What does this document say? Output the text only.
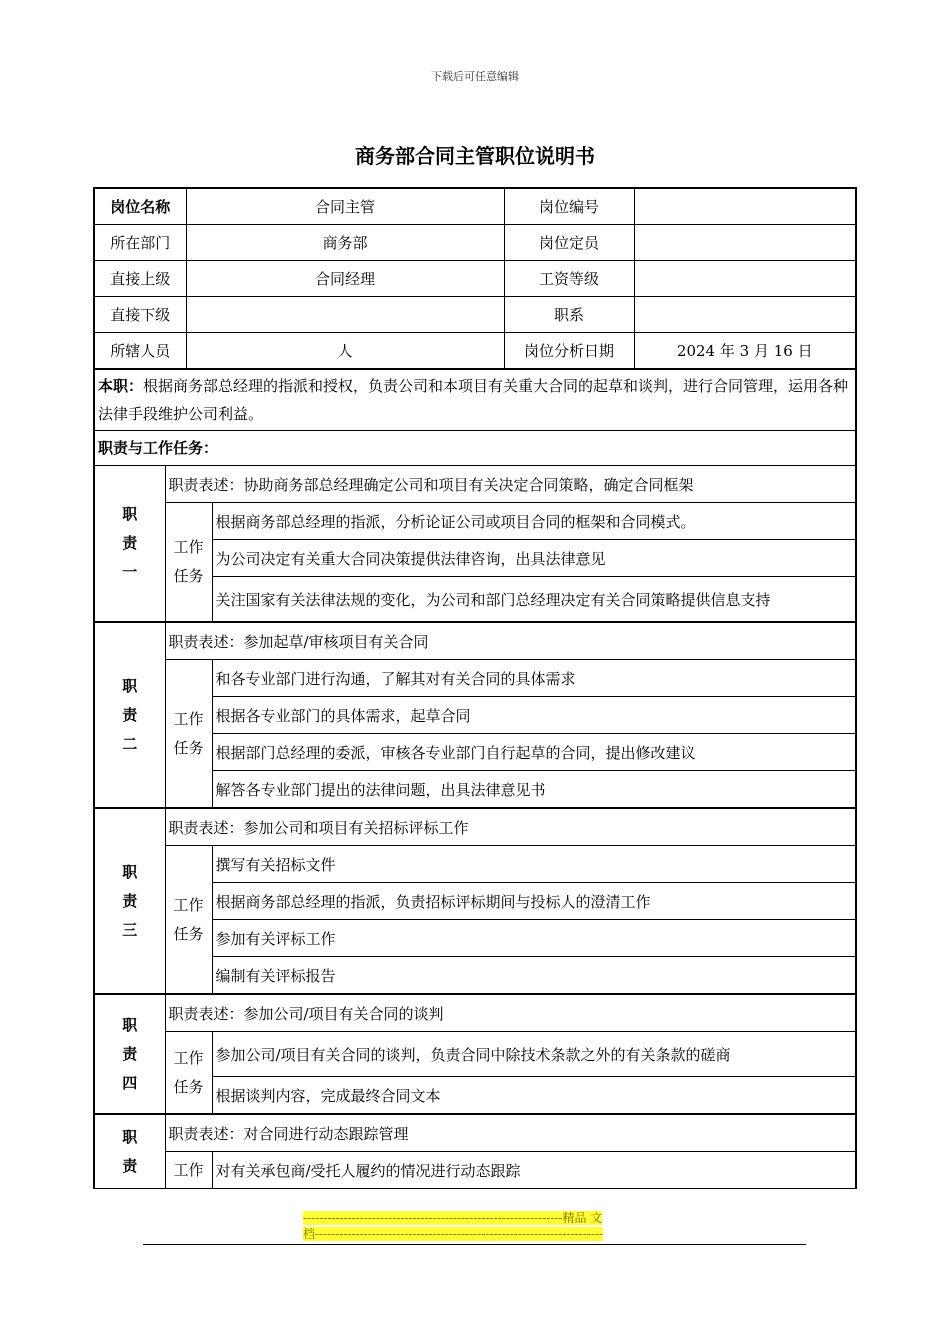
下载后可任意编辑
商务部合同主管职位说明书
岗位名称	合同主管	岗位编号	
所在部门	商务部	岗位定员	
直接上级	合同经理	工资等级	
直接下级		职系	
所辖人员	人	岗位分析日期	2024 年 3 月 16 日
本职：根据商务部总经理的指派和授权，负责公司和本项目有关重大合同的起草和谈判，进行合同管理，运用各种法律手段维护公司利益。
职责与工作任务：
职
责
一	职责表述：协助商务部总经理确定公司和项目有关决定合同策略，确定合同框架	
	工作任务	根据商务部总经理的指派，分析论证公司或项目合同的框架和合同模式。
		为公司决定有关重大合同决策提供法律咨询，出具法律意见
		关注国家有关法律法规的变化，为公司和部门总经理决定有关合同策略提供信息支持
职
责
二	职责表述：参加起草/审核项目有关合同	
	工作任务	和各专业部门进行沟通，了解其对有关合同的具体需求
		根据各专业部门的具体需求，起草合同
		根据部门总经理的委派，审核各专业部门自行起草的合同，提出修改建议
		解答各专业部门提出的法律问题，出具法律意见书
职
责
三	职责表述：参加公司和项目有关招标评标工作	
	工作任务	撰写有关招标文件
		根据商务部总经理的指派，负责招标评标期间与投标人的澄清工作
		参加有关评标工作
		编制有关评标报告
职
责
四	职责表述：参加公司/项目有关合同的谈判	
	工作任务	参加公司/项目有关合同的谈判，负责合同中除技术条款之外的有关条款的磋商
		根据谈判内容，完成最终合同文本
职
责	职责表述：对合同进行动态跟踪管理	
	工作	对有关承包商/受托人履约的情况进行动态跟踪
----------------------------------------------------------------精品 文
档-----------------------------------------------------------------------
